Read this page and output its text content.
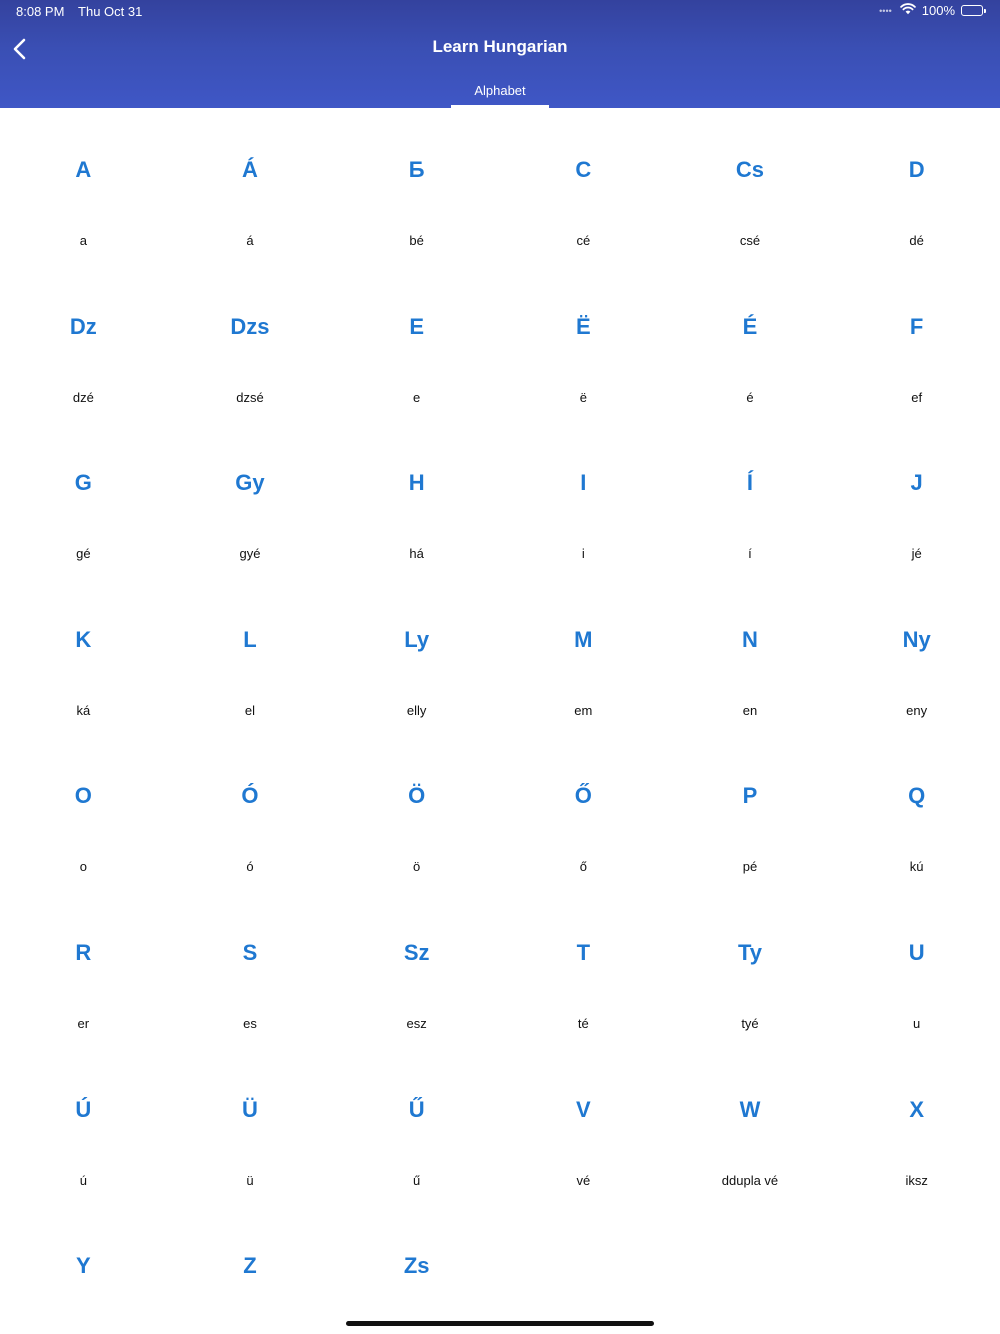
8:08 PM Thu Oct 31	•••• 100%
Learn Hungarian
Alphabet
A
a
Á
á
Б
bé
C
cé
Cs
csé
D
dé
Dz
dzé
Dzs
dzsé
E
e
Ë
ë
É
é
F
ef
G
gé
Gy
gyé
H
há
I
i
Í
í
J
jé
K
ká
L
el
Ly
elly
M
em
N
en
Ny
eny
O
o
Ó
ó
Ö
ö
Ő
ő
P
pé
Q
kú
R
er
S
es
Sz
esz
T
té
Ty
tyé
U
u
Ú
ú
Ü
ü
Ű
ű
V
vé
W
ddupla vé
X
iksz
Y	Z	Zs
